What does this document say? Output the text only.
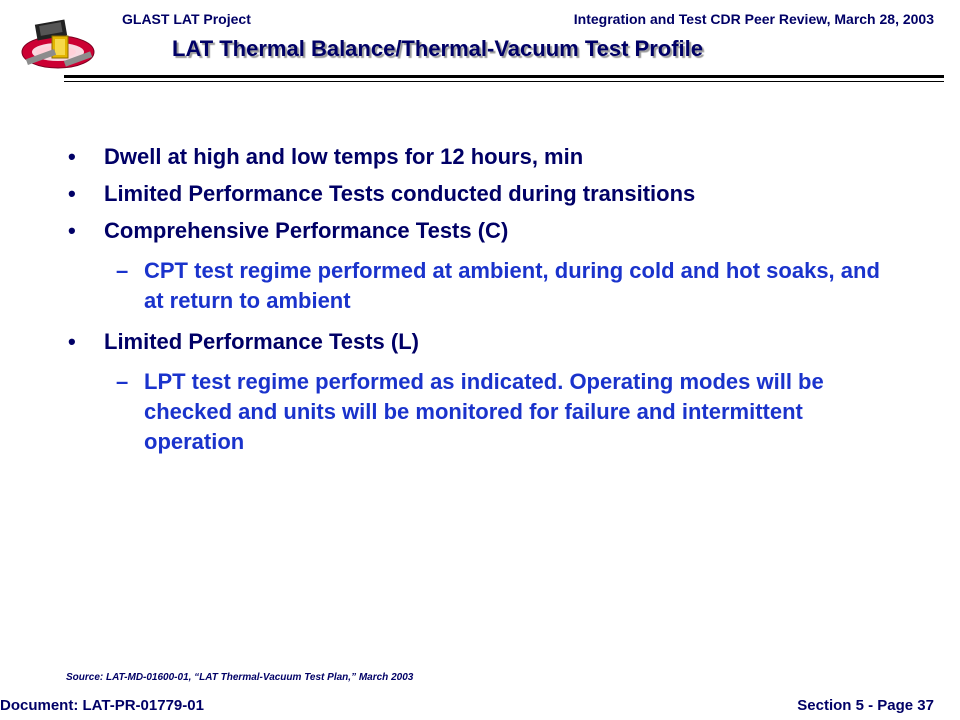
GLAST LAT Project	Integration and Test CDR Peer Review, March 28, 2003
LAT Thermal Balance/Thermal-Vacuum Test Profile
• Dwell at high and low temps for 12 hours, min
• Limited Performance Tests conducted during transitions
• Comprehensive Performance Tests (C)
– CPT test regime performed at ambient, during cold and hot soaks, and at return to ambient
• Limited Performance Tests (L)
– LPT test regime performed as indicated. Operating modes will be checked and units will be monitored for failure and intermittent operation
Source: LAT-MD-01600-01, “LAT Thermal-Vacuum Test Plan,” March 2003
Document: LAT-PR-01779-01	Section 5 - Page 37
